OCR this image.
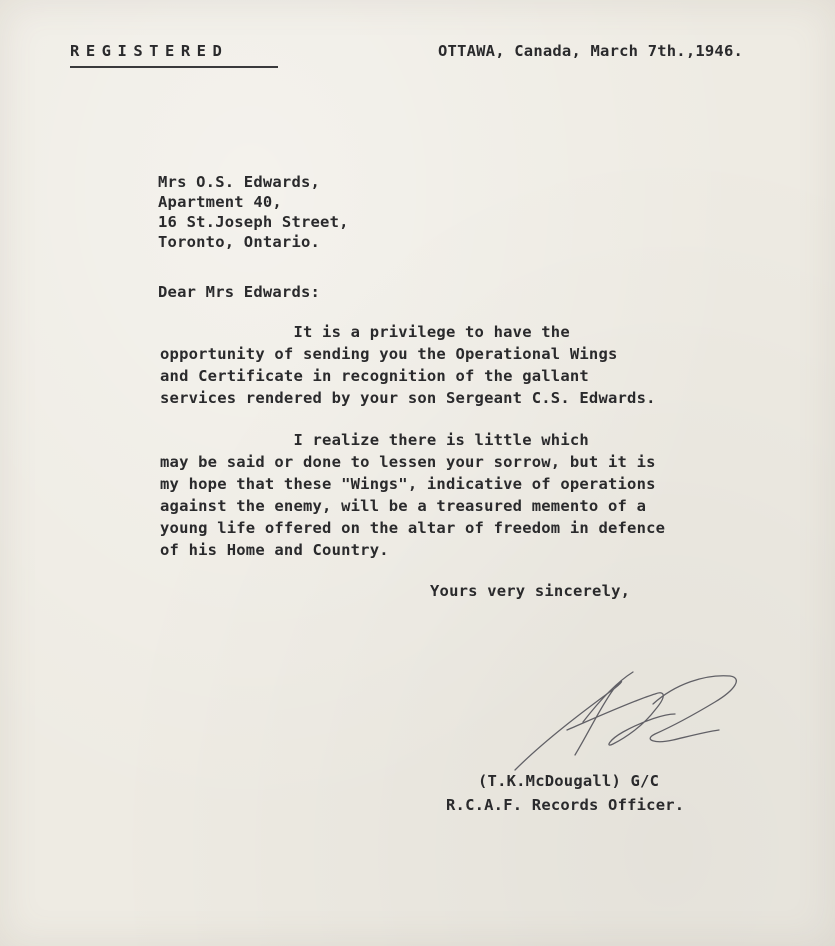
REGISTERED	OTTAWA, Canada, March 7th.,1946.
Mrs O.S. Edwards,
Apartment 40,
16 St.Joseph Street,
Toronto, Ontario.
Dear Mrs Edwards:
It is a privilege to have the
opportunity of sending you the Operational Wings
and Certificate in recognition of the gallant
services rendered by your son Sergeant C.S. Edwards.
I realize there is little which
may be said or done to lessen your sorrow, but it is
my hope that these "Wings", indicative of operations
against the enemy, will be a treasured memento of a
young life offered on the altar of freedom in defence
of his Home and Country.
Yours very sincerely,
(T.K.McDougall) G/C
R.C.A.F. Records Officer.
